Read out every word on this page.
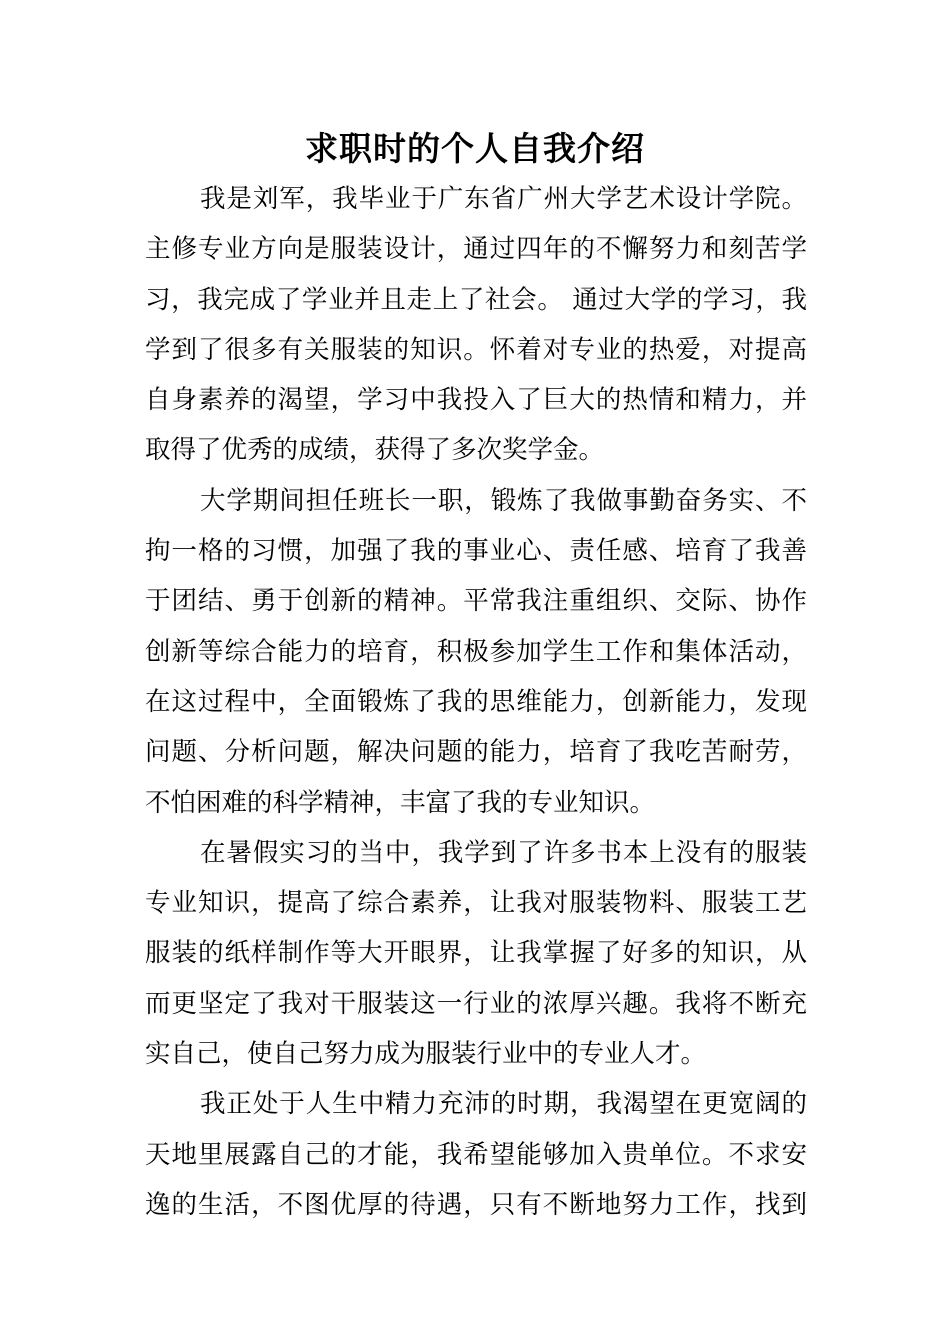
求职时的个人自我介绍
我是刘军，我毕业于广东省广州大学艺术设计学院。
主修专业方向是服装设计，通过四年的不懈努力和刻苦学
习，我完成了学业并且走上了社会。 通过大学的学习，我
学到了很多有关服装的知识。怀着对专业的热爱，对提高
自身素养的渴望，学习中我投入了巨大的热情和精力，并
取得了优秀的成绩，获得了多次奖学金。
大学期间担任班长一职，锻炼了我做事勤奋务实、不
拘一格的习惯，加强了我的事业心、责任感、培育了我善
于团结、勇于创新的精神。平常我注重组织、交际、协作
创新等综合能力的培育，积极参加学生工作和集体活动，
在这过程中，全面锻炼了我的思维能力，创新能力，发现
问题、分析问题，解决问题的能力，培育了我吃苦耐劳，
不怕困难的科学精神，丰富了我的专业知识。
在暑假实习的当中，我学到了许多书本上没有的服装
专业知识，提高了综合素养，让我对服装物料、服装工艺
服装的纸样制作等大开眼界，让我掌握了好多的知识，从
而更坚定了我对干服装这一行业的浓厚兴趣。我将不断充
实自己，使自己努力成为服装行业中的专业人才。
我正处于人生中精力充沛的时期，我渴望在更宽阔的
天地里展露自己的才能，我希望能够加入贵单位。不求安
逸的生活，不图优厚的待遇，只有不断地努力工作，找到
